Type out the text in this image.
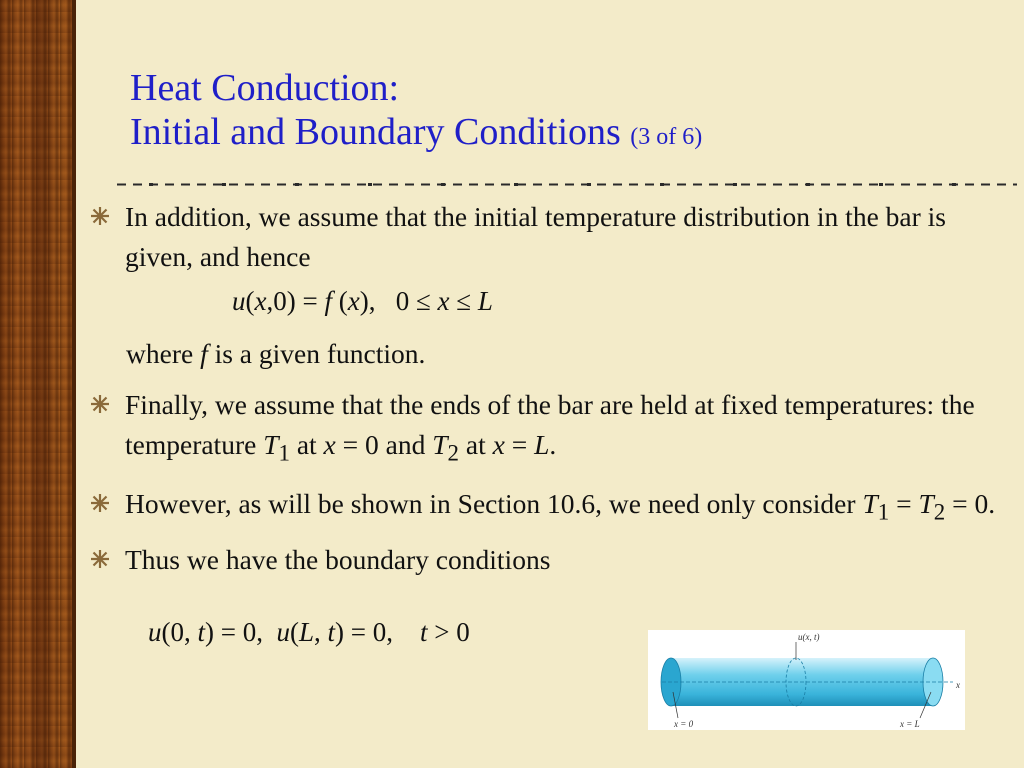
Heat Conduction:
Initial and Boundary Conditions (3 of 6)
In addition, we assume that the initial temperature distribution in the bar is given, and hence
u(x,0) = f (x), 0 ≤ x ≤ L
where f is a given function.
Finally, we assume that the ends of the bar are held at fixed temperatures: the temperature $T_1$ at x = 0 and $T_2$ at x = L.
However, as will be shown in Section 10.6, we need only consider $T_1 = T_2 = 0$.
Thus we have the boundary conditions
u(0, t) = 0, u(L, t) = 0, t > 0	u(x, t)
x = 0	x = L
x
